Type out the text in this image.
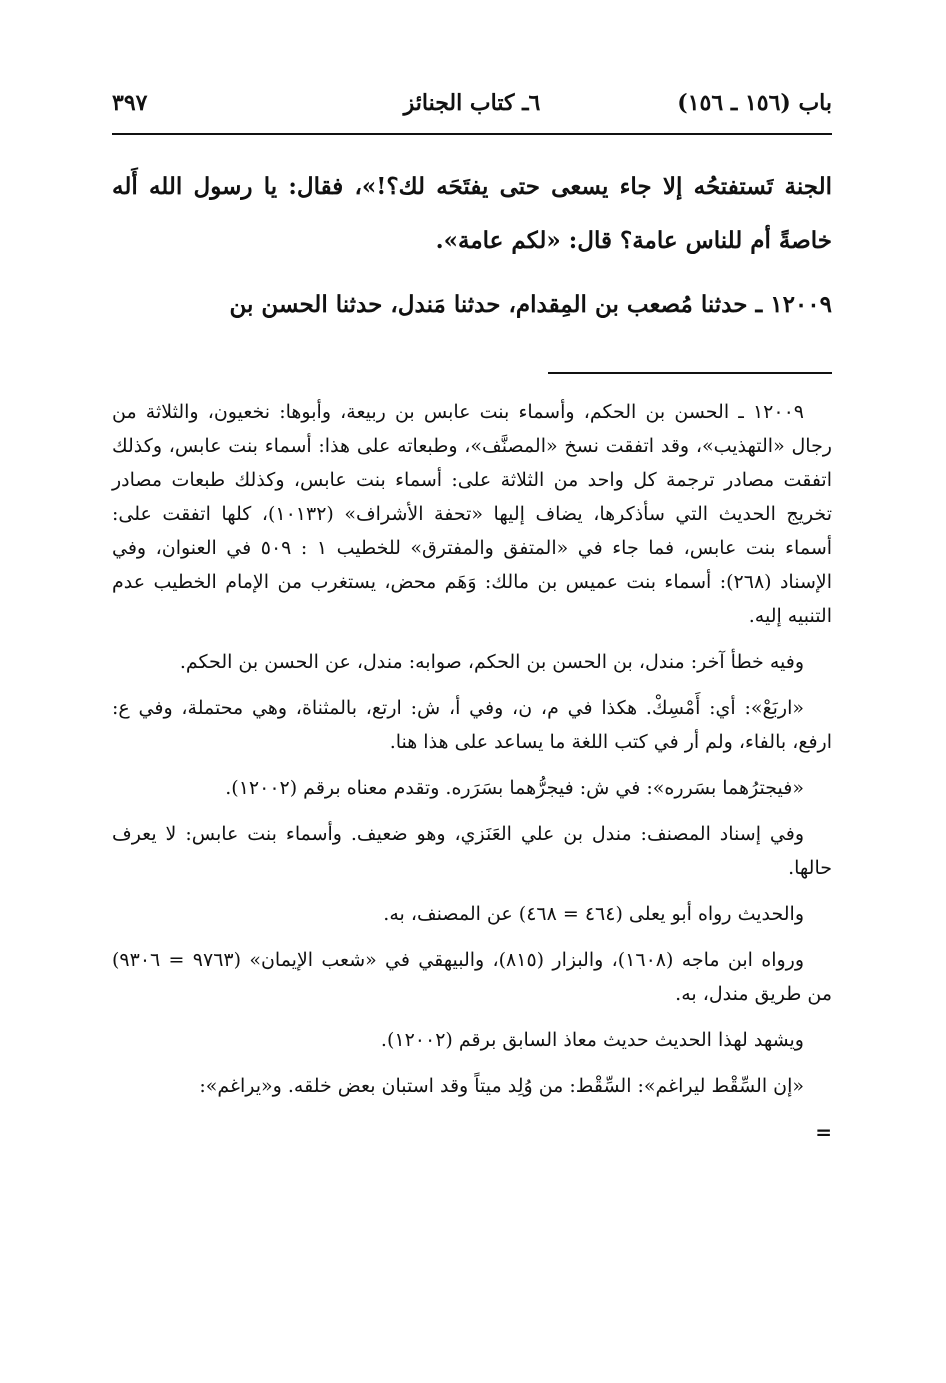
باب (١٥٦ ـ ١٥٦)
٦ـ كتاب الجنائز
٣٩٧

الجنة تَستفتحُه إلا جاء يسعى حتى يفتَحَه لك؟!»، فقال: يا رسول الله أَله خاصةً أم للناس عامة؟ قال: «لكم عامة».

١٢٠٠٩ ـ حدثنا مُصعب بن المِقدام، حدثنا مَندل، حدثنا الحسن بن

١٢٠٠٩ ـ الحسن بن الحكم، وأسماء بنت عابس بن ربيعة، وأبوها: نخعيون، والثلاثة من رجال «التهذيب»، وقد اتفقت نسخ «المصنَّف»، وطبعاته على هذا: أسماء بنت عابس، وكذلك اتفقت مصادر ترجمة كل واحد من الثلاثة على: أسماء بنت عابس، وكذلك طبعات مصادر تخريج الحديث التي سأذكرها، يضاف إليها «تحفة الأشراف» (١٠١٣٢)، كلها اتفقت على: أسماء بنت عابس، فما جاء في «المتفق والمفترق» للخطيب ١ : ٥٠٩ في العنوان، وفي الإسناد (٢٦٨): أسماء بنت عميس بن مالك: وَهَم محض، يستغرب من الإمام الخطيب عدم التنبيه إليه.

وفيه خطأ آخر: مندل، بن الحسن بن الحكم، صوابه: مندل، عن الحسن بن الحكم.

«اربَعْ»: أي: أَمْسِكْ. هكذا في م، ن، وفي أ، ش: ارتع، بالمثناة، وهي محتملة، وفي ع: ارفع، بالفاء، ولم أر في كتب اللغة ما يساعد على هذا هنا.

«فيجترُهما بسَرره»: في ش: فيجرُّهما بسَرَره. وتقدم معناه برقم (١٢٠٠٢).

وفي إسناد المصنف: مندل بن علي العَنَزي، وهو ضعيف. وأسماء بنت عابس: لا يعرف حالها.

والحديث رواه أبو يعلى (٤٦٤ = ٤٦٨) عن المصنف، به.

ورواه ابن ماجه (١٦٠٨)، والبزار (٨١٥)، والبيهقي في «شعب الإيمان» (٩٧٦٣ = ٩٣٠٦) من طريق مندل، به.

ويشهد لهذا الحديث حديث معاذ السابق برقم (١٢٠٠٢).

«إن السِّقْط ليراغم»: السِّقْط: من وُلِد ميتاً وقد استبان بعض خلقه. و«يراغم»:

=
